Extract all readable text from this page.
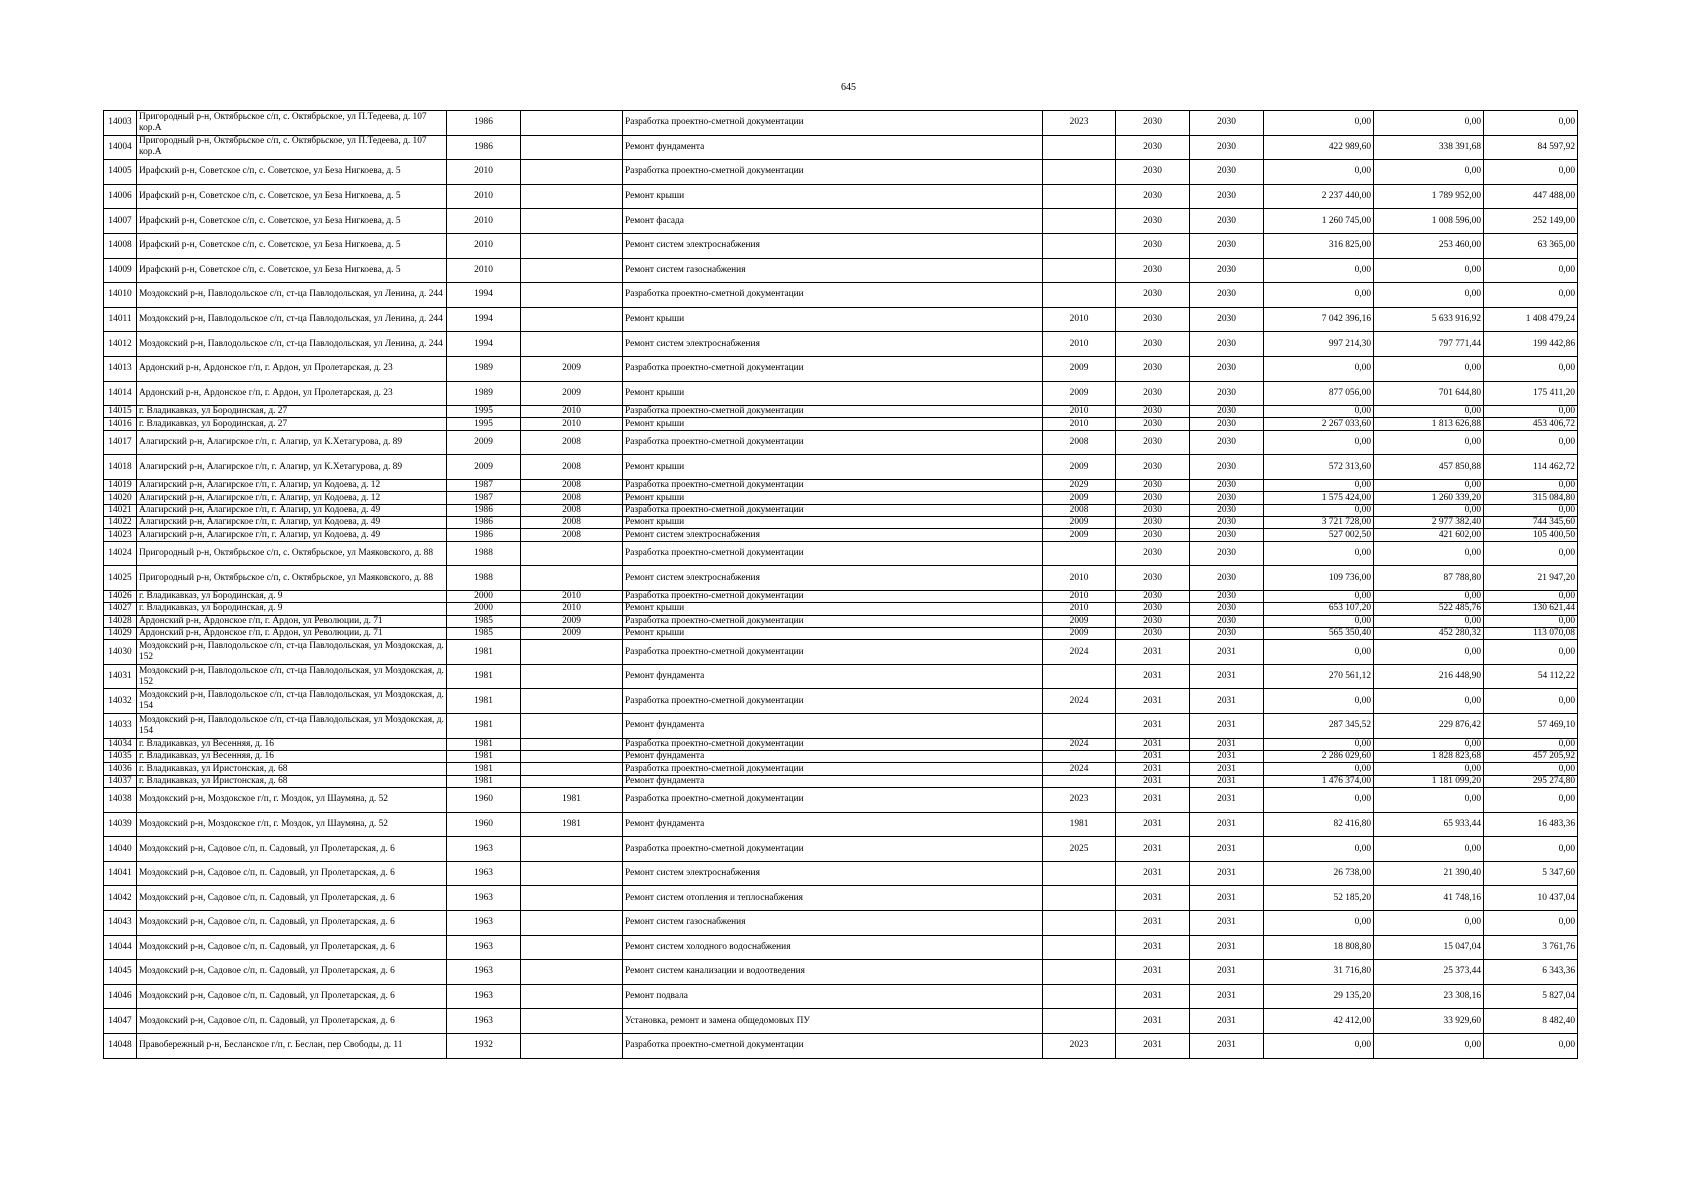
645
14003	Пригородный р-н, Октябрьское с/п, с. Октябрьское, ул П.Тедеева, д. 107 кор.А	1986		Разработка проектно-сметной документации	2023	2030	2030	0,00	0,00	0,00
14004	Пригородный р-н, Октябрьское с/п, с. Октябрьское, ул П.Тедеева, д. 107 кор.А	1986		Ремонт фундамента		2030	2030	422 989,60	338 391,68	84 597,92
14005	Ирафский р-н, Советское с/п, с. Советское, ул Беза Нигкоева, д. 5	2010		Разработка проектно-сметной документации		2030	2030	0,00	0,00	0,00
14006	Ирафский р-н, Советское с/п, с. Советское, ул Беза Нигкоева, д. 5	2010		Ремонт крыши		2030	2030	2 237 440,00	1 789 952,00	447 488,00
14007	Ирафский р-н, Советское с/п, с. Советское, ул Беза Нигкоева, д. 5	2010		Ремонт фасада		2030	2030	1 260 745,00	1 008 596,00	252 149,00
14008	Ирафский р-н, Советское с/п, с. Советское, ул Беза Нигкоева, д. 5	2010		Ремонт систем электроснабжения		2030	2030	316 825,00	253 460,00	63 365,00
14009	Ирафский р-н, Советское с/п, с. Советское, ул Беза Нигкоева, д. 5	2010		Ремонт систем газоснабжения		2030	2030	0,00	0,00	0,00
14010	Моздокский р-н, Павлодольское с/п, ст-ца Павлодольская, ул Ленина, д. 244	1994		Разработка проектно-сметной документации		2030	2030	0,00	0,00	0,00
14011	Моздокский р-н, Павлодольское с/п, ст-ца Павлодольская, ул Ленина, д. 244	1994		Ремонт крыши	2010	2030	2030	7 042 396,16	5 633 916,92	1 408 479,24
14012	Моздокский р-н, Павлодольское с/п, ст-ца Павлодольская, ул Ленина, д. 244	1994		Ремонт систем электроснабжения	2010	2030	2030	997 214,30	797 771,44	199 442,86
14013	Ардонский р-н, Ардонское г/п, г. Ардон, ул Пролетарская, д. 23	1989	2009	Разработка проектно-сметной документации	2009	2030	2030	0,00	0,00	0,00
14014	Ардонский р-н, Ардонское г/п, г. Ардон, ул Пролетарская, д. 23	1989	2009	Ремонт крыши	2009	2030	2030	877 056,00	701 644,80	175 411,20
14015	г. Владикавказ, ул Бородинская, д. 27	1995	2010	Разработка проектно-сметной документации	2010	2030	2030	0,00	0,00	0,00
14016	г. Владикавказ, ул Бородинская, д. 27	1995	2010	Ремонт крыши	2010	2030	2030	2 267 033,60	1 813 626,88	453 406,72
14017	Алагирский р-н, Алагирское г/п, г. Алагир, ул К.Хетагурова, д. 89	2009	2008	Разработка проектно-сметной документации	2008	2030	2030	0,00	0,00	0,00
14018	Алагирский р-н, Алагирское г/п, г. Алагир, ул К.Хетагурова, д. 89	2009	2008	Ремонт крыши	2009	2030	2030	572 313,60	457 850,88	114 462,72
14019	Алагирский р-н, Алагирское г/п, г. Алагир, ул Кодоева, д. 12	1987	2008	Разработка проектно-сметной документации	2029	2030	2030	0,00	0,00	0,00
14020	Алагирский р-н, Алагирское г/п, г. Алагир, ул Кодоева, д. 12	1987	2008	Ремонт крыши	2009	2030	2030	1 575 424,00	1 260 339,20	315 084,80
14021	Алагирский р-н, Алагирское г/п, г. Алагир, ул Кодоева, д. 49	1986	2008	Разработка проектно-сметной документации	2008	2030	2030	0,00	0,00	0,00
14022	Алагирский р-н, Алагирское г/п, г. Алагир, ул Кодоева, д. 49	1986	2008	Ремонт крыши	2009	2030	2030	3 721 728,00	2 977 382,40	744 345,60
14023	Алагирский р-н, Алагирское г/п, г. Алагир, ул Кодоева, д. 49	1986	2008	Ремонт систем электроснабжения	2009	2030	2030	527 002,50	421 602,00	105 400,50
14024	Пригородный р-н, Октябрьское с/п, с. Октябрьское, ул Маяковского, д. 88	1988		Разработка проектно-сметной документации		2030	2030	0,00	0,00	0,00
14025	Пригородный р-н, Октябрьское с/п, с. Октябрьское, ул Маяковского, д. 88	1988		Ремонт систем электроснабжения	2010	2030	2030	109 736,00	87 788,80	21 947,20
14026	г. Владикавказ, ул Бородинская, д. 9	2000	2010	Разработка проектно-сметной документации	2010	2030	2030	0,00	0,00	0,00
14027	г. Владикавказ, ул Бородинская, д. 9	2000	2010	Ремонт крыши	2010	2030	2030	653 107,20	522 485,76	130 621,44
14028	Ардонский р-н, Ардонское г/п, г. Ардон, ул Революции, д. 71	1985	2009	Разработка проектно-сметной документации	2009	2030	2030	0,00	0,00	0,00
14029	Ардонский р-н, Ардонское г/п, г. Ардон, ул Революции, д. 71	1985	2009	Ремонт крыши	2009	2030	2030	565 350,40	452 280,32	113 070,08
14030	Моздокский р-н, Павлодольское с/п, ст-ца Павлодольская, ул Моздокская, д. 152	1981		Разработка проектно-сметной документации	2024	2031	2031	0,00	0,00	0,00
14031	Моздокский р-н, Павлодольское с/п, ст-ца Павлодольская, ул Моздокская, д. 152	1981		Ремонт фундамента		2031	2031	270 561,12	216 448,90	54 112,22
14032	Моздокский р-н, Павлодольское с/п, ст-ца Павлодольская, ул Моздокская, д. 154	1981		Разработка проектно-сметной документации	2024	2031	2031	0,00	0,00	0,00
14033	Моздокский р-н, Павлодольское с/п, ст-ца Павлодольская, ул Моздокская, д. 154	1981		Ремонт фундамента		2031	2031	287 345,52	229 876,42	57 469,10
14034	г. Владикавказ, ул Весенняя, д. 16	1981		Разработка проектно-сметной документации	2024	2031	2031	0,00	0,00	0,00
14035	г. Владикавказ, ул Весенняя, д. 16	1981		Ремонт фундамента		2031	2031	2 286 029,60	1 828 823,68	457 205,92
14036	г. Владикавказ, ул Иристонская, д. 68	1981		Разработка проектно-сметной документации	2024	2031	2031	0,00	0,00	0,00
14037	г. Владикавказ, ул Иристонская, д. 68	1981		Ремонт фундамента		2031	2031	1 476 374,00	1 181 099,20	295 274,80
14038	Моздокский р-н, Моздокское г/п, г. Моздок, ул Шаумяна, д. 52	1960	1981	Разработка проектно-сметной документации	2023	2031	2031	0,00	0,00	0,00
14039	Моздокский р-н, Моздокское г/п, г. Моздок, ул Шаумяна, д. 52	1960	1981	Ремонт фундамента	1981	2031	2031	82 416,80	65 933,44	16 483,36
14040	Моздокский р-н, Садовое с/п, п. Садовый, ул Пролетарская, д. 6	1963		Разработка проектно-сметной документации	2025	2031	2031	0,00	0,00	0,00
14041	Моздокский р-н, Садовое с/п, п. Садовый, ул Пролетарская, д. 6	1963		Ремонт систем электроснабжения		2031	2031	26 738,00	21 390,40	5 347,60
14042	Моздокский р-н, Садовое с/п, п. Садовый, ул Пролетарская, д. 6	1963		Ремонт систем отопления и теплоснабжения		2031	2031	52 185,20	41 748,16	10 437,04
14043	Моздокский р-н, Садовое с/п, п. Садовый, ул Пролетарская, д. 6	1963		Ремонт систем газоснабжения		2031	2031	0,00	0,00	0,00
14044	Моздокский р-н, Садовое с/п, п. Садовый, ул Пролетарская, д. 6	1963		Ремонт систем холодного водоснабжения		2031	2031	18 808,80	15 047,04	3 761,76
14045	Моздокский р-н, Садовое с/п, п. Садовый, ул Пролетарская, д. 6	1963		Ремонт систем канализации и водоотведения		2031	2031	31 716,80	25 373,44	6 343,36
14046	Моздокский р-н, Садовое с/п, п. Садовый, ул Пролетарская, д. 6	1963		Ремонт подвала		2031	2031	29 135,20	23 308,16	5 827,04
14047	Моздокский р-н, Садовое с/п, п. Садовый, ул Пролетарская, д. 6	1963		Установка, ремонт и замена общедомовых ПУ		2031	2031	42 412,00	33 929,60	8 482,40
14048	Правобережный р-н, Бесланское г/п, г. Беслан, пер Свободы, д. 11	1932		Разработка проектно-сметной документации	2023	2031	2031	0,00	0,00	0,00
